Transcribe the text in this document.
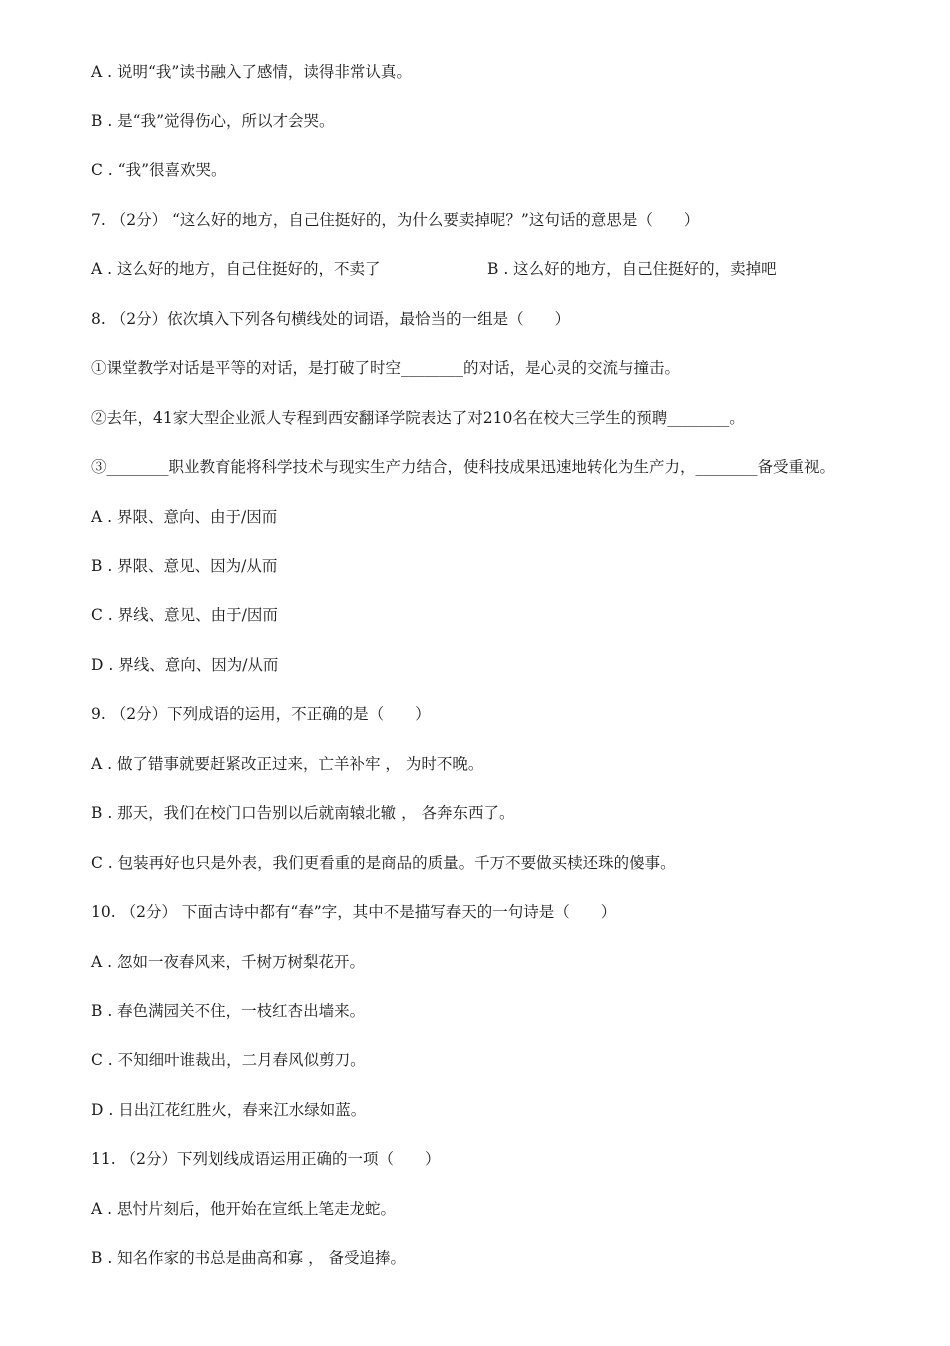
A . 说明“我”读书融入了感情，读得非常认真。
B . 是“我”觉得伤心，所以才会哭。
C . “我”很喜欢哭。
7. （2分） “这么好的地方，自己住挺好的，为什么要卖掉呢？”这句话的意思是（　　）
A . 这么好的地方，自己住挺好的，不卖了	B . 这么好的地方，自己住挺好的，卖掉吧
8. （2分）依次填入下列各句横线处的词语，最恰当的一组是（　　）
①课堂教学对话是平等的对话，是打破了时空________的对话，是心灵的交流与撞击。
②去年，41家大型企业派人专程到西安翻译学院表达了对210名在校大三学生的预聘________。
③________职业教育能将科学技术与现实生产力结合，使科技成果迅速地转化为生产力，________备受重视。
A . 界限、意向、由于/因而
B . 界限、意见、因为/从而
C . 界线、意见、由于/因而
D . 界线、意向、因为/从而
9. （2分）下列成语的运用，不正确的是（　　）
A . 做了错事就要赶紧改正过来，亡羊补牢 ， 为时不晚。
B . 那天，我们在校门口告别以后就南辕北辙 ， 各奔东西了。
C . 包装再好也只是外表，我们更看重的是商品的质量。千万不要做买椟还珠的傻事。
10. （2分） 下面古诗中都有“春”字，其中不是描写春天的一句诗是（　　）
A . 忽如一夜春风来，千树万树梨花开。
B . 春色满园关不住，一枝红杏出墙来。
C . 不知细叶谁裁出，二月春风似剪刀。
D . 日出江花红胜火，春来江水绿如蓝。
11. （2分）下列划线成语运用正确的一项（　　）
A . 思忖片刻后，他开始在宣纸上笔走龙蛇。
B . 知名作家的书总是曲高和寡 ， 备受追捧。
